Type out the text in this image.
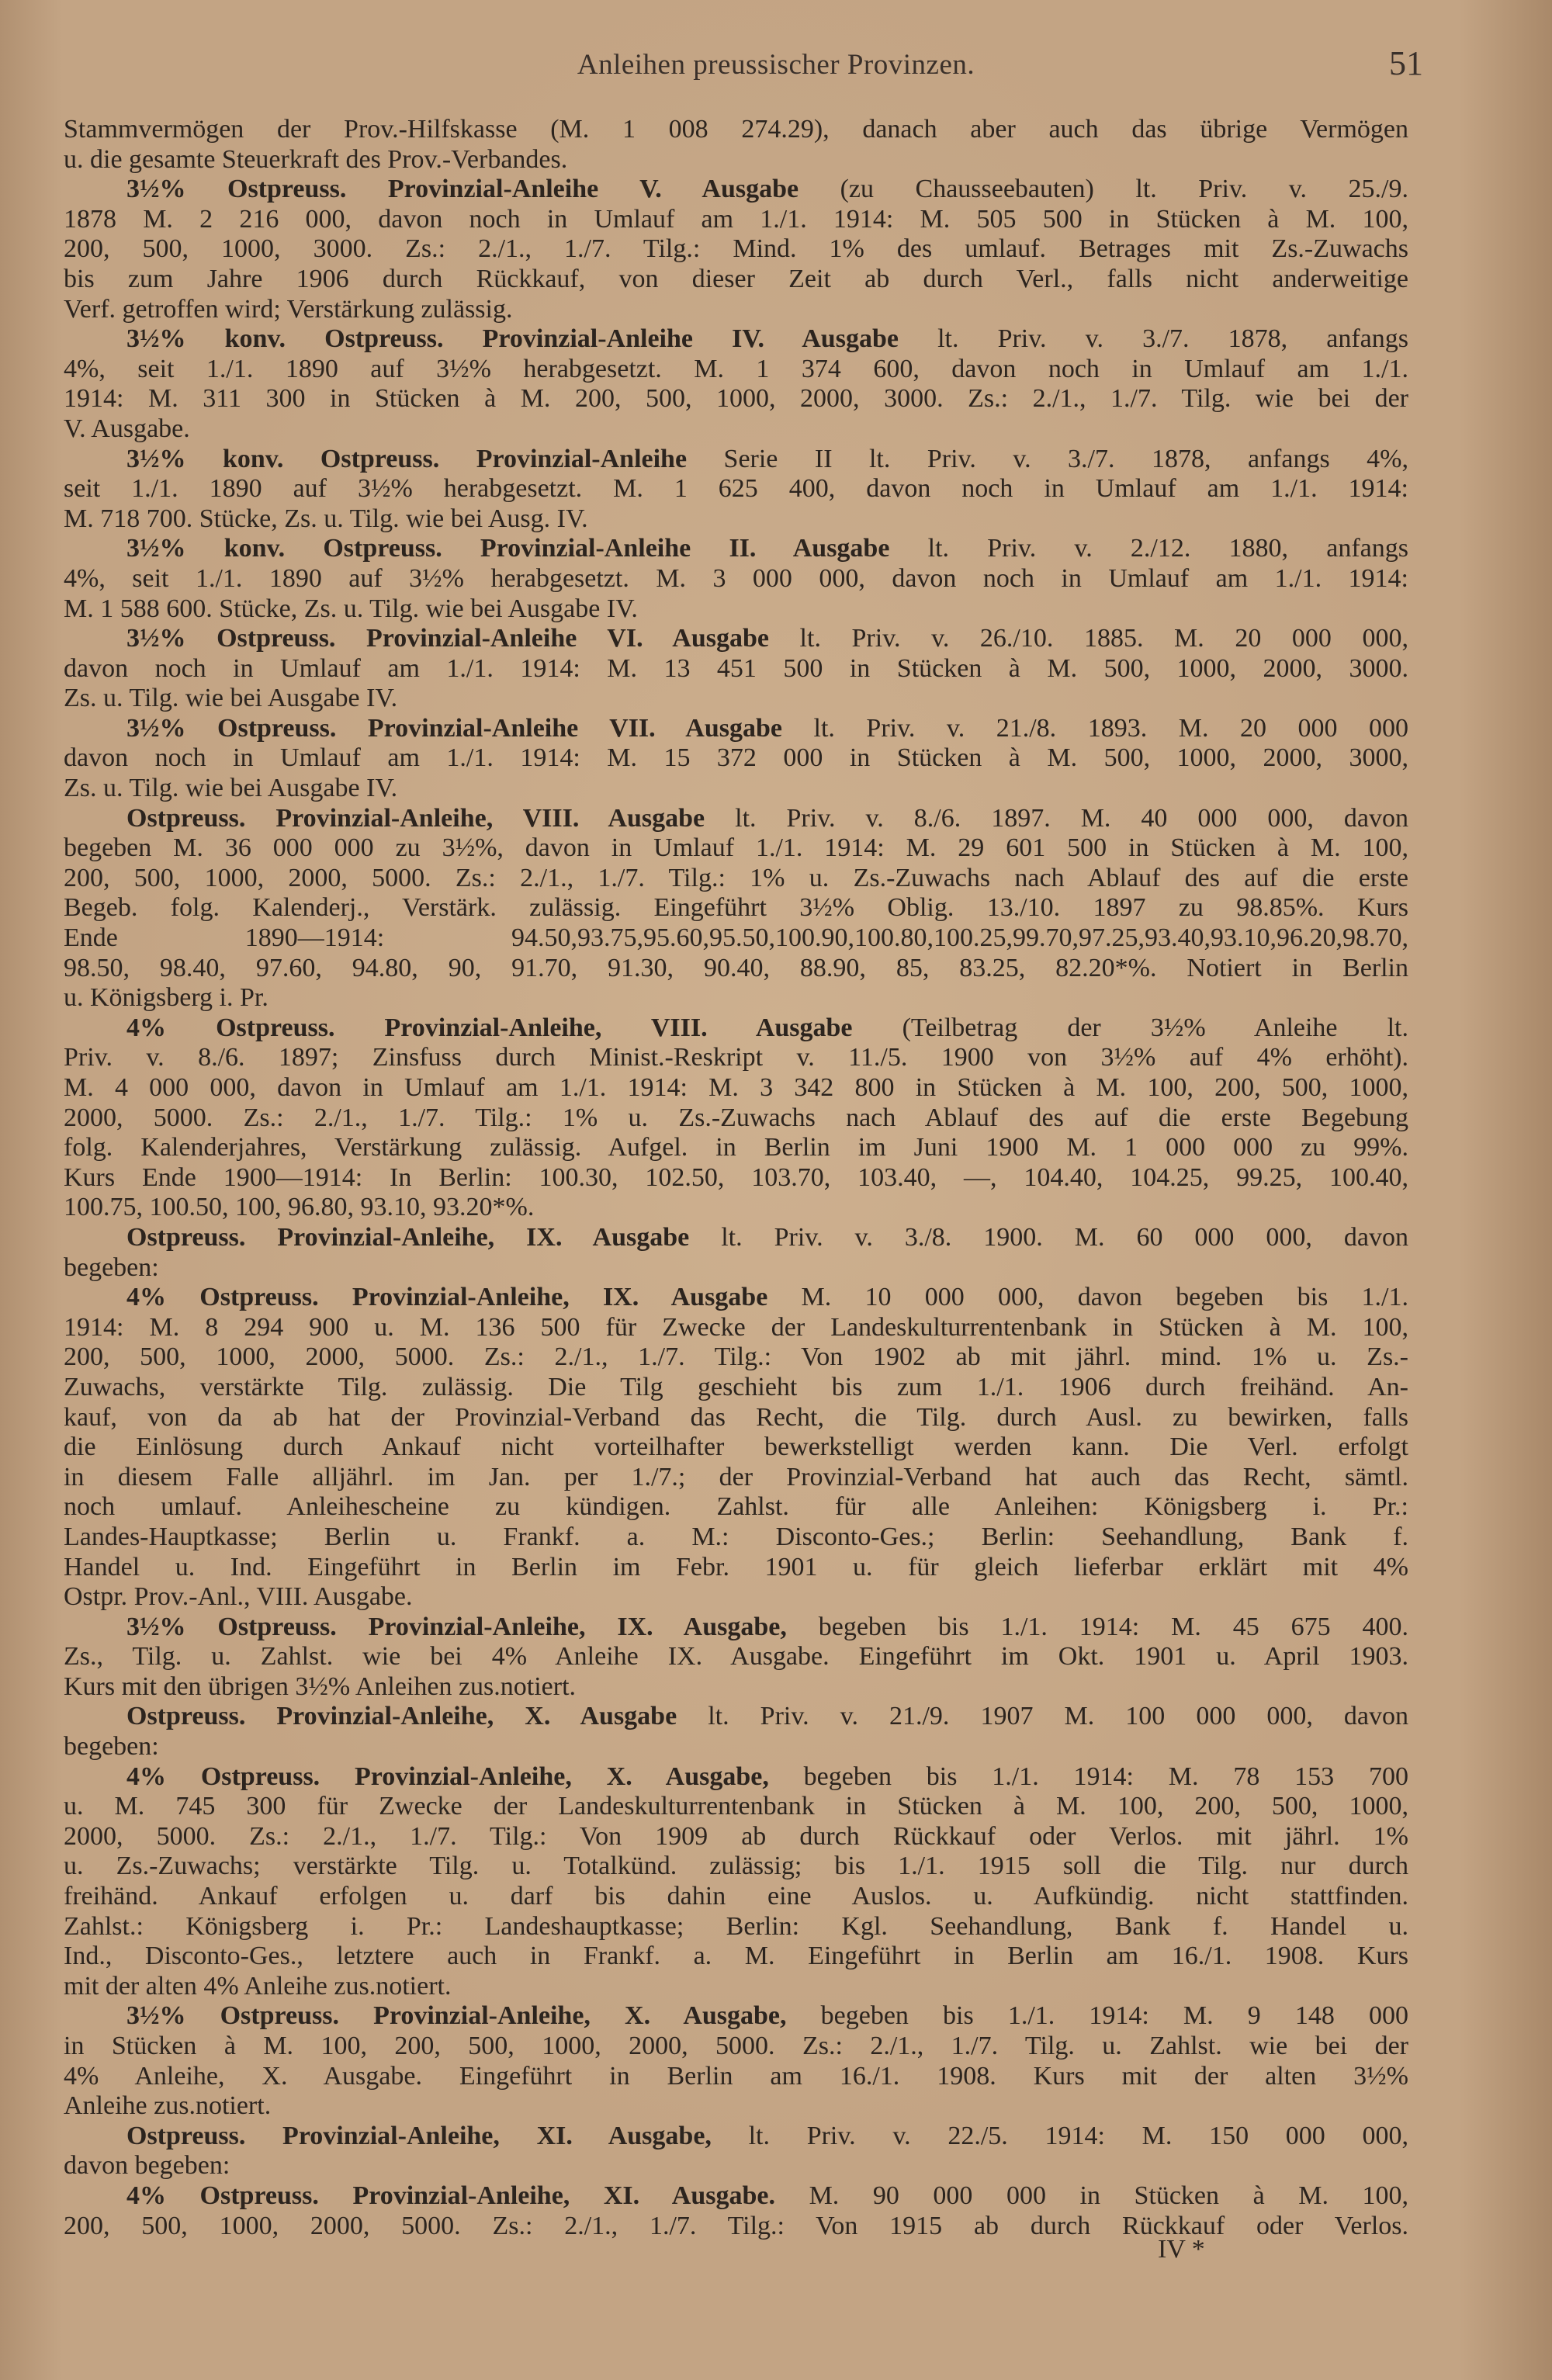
Anleihen preussischer Provinzen.	51
Stammvermögen der Prov.-Hilfskasse (M. 1 008 274.29), danach aber auch das übrige Vermögen
u. die gesamte Steuerkraft des Prov.-Verbandes.
3½% Ostpreuss. Provinzial-Anleihe V. Ausgabe (zu Chausseebauten) lt. Priv. v. 25./9.
1878 M. 2 216 000, davon noch in Umlauf am 1./1. 1914: M. 505 500 in Stücken à M. 100,
200, 500, 1000, 3000. Zs.: 2./1., 1./7. Tilg.: Mind. 1% des umlauf. Betrages mit Zs.-Zuwachs
bis zum Jahre 1906 durch Rückkauf, von dieser Zeit ab durch Verl., falls nicht anderweitige
Verf. getroffen wird; Verstärkung zulässig.
3½% konv. Ostpreuss. Provinzial-Anleihe IV. Ausgabe lt. Priv. v. 3./7. 1878, anfangs
4%, seit 1./1. 1890 auf 3½% herabgesetzt. M. 1 374 600, davon noch in Umlauf am 1./1.
1914: M. 311 300 in Stücken à M. 200, 500, 1000, 2000, 3000. Zs.: 2./1., 1./7. Tilg. wie bei der
V. Ausgabe.
3½% konv. Ostpreuss. Provinzial-Anleihe Serie II lt. Priv. v. 3./7. 1878, anfangs 4%,
seit 1./1. 1890 auf 3½% herabgesetzt. M. 1 625 400, davon noch in Umlauf am 1./1. 1914:
M. 718 700. Stücke, Zs. u. Tilg. wie bei Ausg. IV.
3½% konv. Ostpreuss. Provinzial-Anleihe II. Ausgabe lt. Priv. v. 2./12. 1880, anfangs
4%, seit 1./1. 1890 auf 3½% herabgesetzt. M. 3 000 000, davon noch in Umlauf am 1./1. 1914:
M. 1 588 600. Stücke, Zs. u. Tilg. wie bei Ausgabe IV.
3½% Ostpreuss. Provinzial-Anleihe VI. Ausgabe lt. Priv. v. 26./10. 1885. M. 20 000 000,
davon noch in Umlauf am 1./1. 1914: M. 13 451 500 in Stücken à M. 500, 1000, 2000, 3000.
Zs. u. Tilg. wie bei Ausgabe IV.
3½% Ostpreuss. Provinzial-Anleihe VII. Ausgabe lt. Priv. v. 21./8. 1893. M. 20 000 000
davon noch in Umlauf am 1./1. 1914: M. 15 372 000 in Stücken à M. 500, 1000, 2000, 3000,
Zs. u. Tilg. wie bei Ausgabe IV.
Ostpreuss. Provinzial-Anleihe, VIII. Ausgabe lt. Priv. v. 8./6. 1897. M. 40 000 000, davon
begeben M. 36 000 000 zu 3½%, davon in Umlauf 1./1. 1914: M. 29 601 500 in Stücken à M. 100,
200, 500, 1000, 2000, 5000. Zs.: 2./1., 1./7. Tilg.: 1% u. Zs.-Zuwachs nach Ablauf des auf die erste
Begeb. folg. Kalenderj., Verstärk. zulässig. Eingeführt 3½% Oblig. 13./10. 1897 zu 98.85%. Kurs
Ende 1890—1914: 94.50,93.75,95.60,95.50,100.90,100.80,100.25,99.70,97.25,93.40,93.10,96.20,98.70,
98.50, 98.40, 97.60, 94.80, 90, 91.70, 91.30, 90.40, 88.90, 85, 83.25, 82.20*%. Notiert in Berlin
u. Königsberg i. Pr.
4% Ostpreuss. Provinzial-Anleihe, VIII. Ausgabe (Teilbetrag der 3½% Anleihe lt.
Priv. v. 8./6. 1897; Zinsfuss durch Minist.-Reskript v. 11./5. 1900 von 3½% auf 4% erhöht).
M. 4 000 000, davon in Umlauf am 1./1. 1914: M. 3 342 800 in Stücken à M. 100, 200, 500, 1000,
2000, 5000. Zs.: 2./1., 1./7. Tilg.: 1% u. Zs.-Zuwachs nach Ablauf des auf die erste Begebung
folg. Kalenderjahres, Verstärkung zulässig. Aufgel. in Berlin im Juni 1900 M. 1 000 000 zu 99%.
Kurs Ende 1900—1914: In Berlin: 100.30, 102.50, 103.70, 103.40, —, 104.40, 104.25, 99.25, 100.40,
100.75, 100.50, 100, 96.80, 93.10, 93.20*%.
Ostpreuss. Provinzial-Anleihe, IX. Ausgabe lt. Priv. v. 3./8. 1900. M. 60 000 000, davon
begeben:
4% Ostpreuss. Provinzial-Anleihe, IX. Ausgabe M. 10 000 000, davon begeben bis 1./1.
1914: M. 8 294 900 u. M. 136 500 für Zwecke der Landeskulturrentenbank in Stücken à M. 100,
200, 500, 1000, 2000, 5000. Zs.: 2./1., 1./7. Tilg.: Von 1902 ab mit jährl. mind. 1% u. Zs.-
Zuwachs, verstärkte Tilg. zulässig. Die Tilg geschieht bis zum 1./1. 1906 durch freihänd. An-
kauf, von da ab hat der Provinzial-Verband das Recht, die Tilg. durch Ausl. zu bewirken, falls
die Einlösung durch Ankauf nicht vorteilhafter bewerkstelligt werden kann. Die Verl. erfolgt
in diesem Falle alljährl. im Jan. per 1./7.; der Provinzial-Verband hat auch das Recht, sämtl.
noch umlauf. Anleihescheine zu kündigen. Zahlst. für alle Anleihen: Königsberg i. Pr.:
Landes-Hauptkasse; Berlin u. Frankf. a. M.: Disconto-Ges.; Berlin: Seehandlung, Bank f.
Handel u. Ind. Eingeführt in Berlin im Febr. 1901 u. für gleich lieferbar erklärt mit 4%
Ostpr. Prov.-Anl., VIII. Ausgabe.
3½% Ostpreuss. Provinzial-Anleihe, IX. Ausgabe, begeben bis 1./1. 1914: M. 45 675 400.
Zs., Tilg. u. Zahlst. wie bei 4% Anleihe IX. Ausgabe. Eingeführt im Okt. 1901 u. April 1903.
Kurs mit den übrigen 3½% Anleihen zus.notiert.
Ostpreuss. Provinzial-Anleihe, X. Ausgabe lt. Priv. v. 21./9. 1907 M. 100 000 000, davon
begeben:
4% Ostpreuss. Provinzial-Anleihe, X. Ausgabe, begeben bis 1./1. 1914: M. 78 153 700
u. M. 745 300 für Zwecke der Landeskulturrentenbank in Stücken à M. 100, 200, 500, 1000,
2000, 5000. Zs.: 2./1., 1./7. Tilg.: Von 1909 ab durch Rückkauf oder Verlos. mit jährl. 1%
u. Zs.-Zuwachs; verstärkte Tilg. u. Totalkünd. zulässig; bis 1./1. 1915 soll die Tilg. nur durch
freihänd. Ankauf erfolgen u. darf bis dahin eine Auslos. u. Aufkündig. nicht stattfinden.
Zahlst.: Königsberg i. Pr.: Landeshauptkasse; Berlin: Kgl. Seehandlung, Bank f. Handel u.
Ind., Disconto-Ges., letztere auch in Frankf. a. M. Eingeführt in Berlin am 16./1. 1908. Kurs
mit der alten 4% Anleihe zus.notiert.
3½% Ostpreuss. Provinzial-Anleihe, X. Ausgabe, begeben bis 1./1. 1914: M. 9 148 000
in Stücken à M. 100, 200, 500, 1000, 2000, 5000. Zs.: 2./1., 1./7. Tilg. u. Zahlst. wie bei der
4% Anleihe, X. Ausgabe. Eingeführt in Berlin am 16./1. 1908. Kurs mit der alten 3½%
Anleihe zus.notiert.
Ostpreuss. Provinzial-Anleihe, XI. Ausgabe, lt. Priv. v. 22./5. 1914: M. 150 000 000,
davon begeben:
4% Ostpreuss. Provinzial-Anleihe, XI. Ausgabe. M. 90 000 000 in Stücken à M. 100,
200, 500, 1000, 2000, 5000. Zs.: 2./1., 1./7. Tilg.: Von 1915 ab durch Rückkauf oder Verlos.
IV *
